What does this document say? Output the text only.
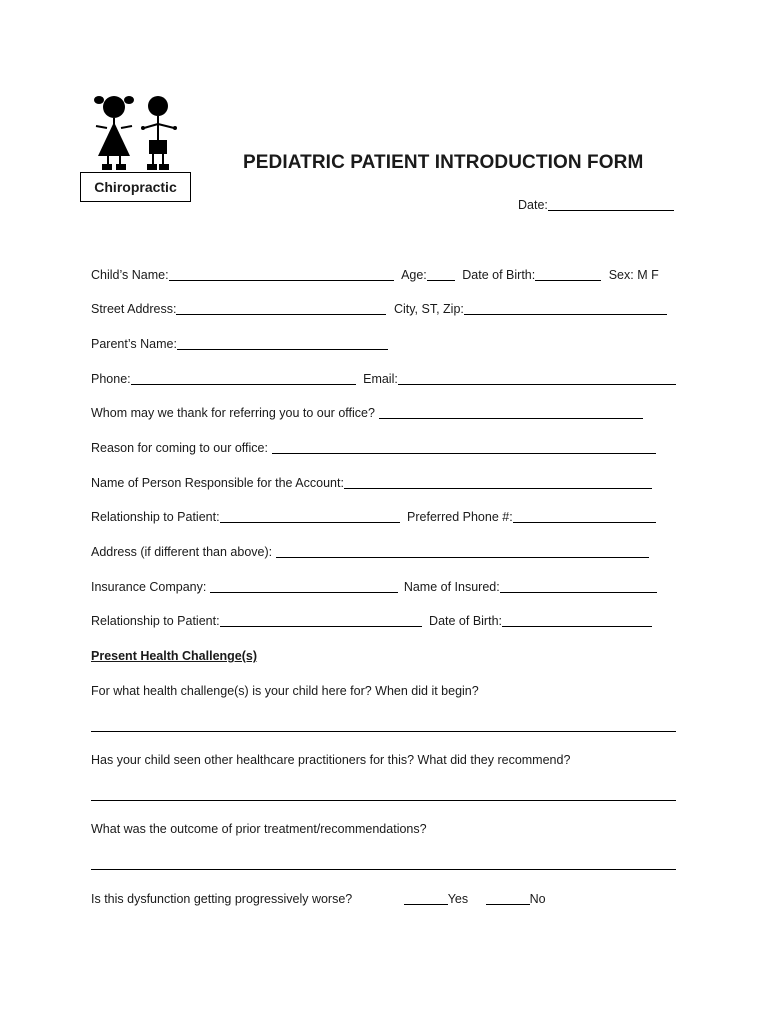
Chiropractic
PEDIATRIC PATIENT INTRODUCTION FORM
Date:
Child’s Name:	Age:	Date of Birth:	Sex: M F
Street Address:	City, ST, Zip:
Parent’s Name:
Phone:	Email:
Whom may we thank for referring you to our office?
Reason for coming to our office:
Name of Person Responsible for the Account:
Relationship to Patient:	Preferred Phone #:
Address (if different than above):
Insurance Company:	Name of Insured:
Relationship to Patient:	Date of Birth:
Present Health Challenge(s)
For what health challenge(s) is your child here for? When did it begin?
Has your child seen other healthcare practitioners for this? What did they recommend?
What was the outcome of prior treatment/recommendations?
Is this dysfunction getting progressively worse?	Yes	No
